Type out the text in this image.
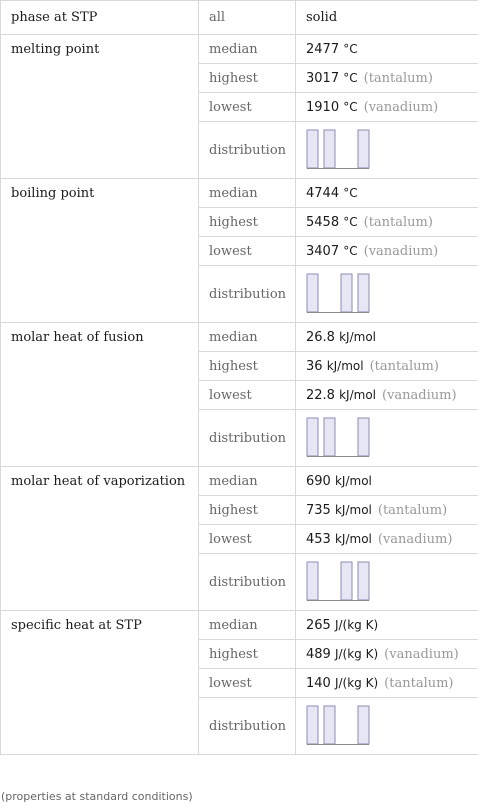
phase at STP	all	solid
melting point	median	2477 °C
	highest	3017 °C (tantalum)
	lowest	1910 °C (vanadium)
	distribution	

boiling point	median	4744 °C
	highest	5458 °C (tantalum)
	lowest	3407 °C (vanadium)
	distribution	

molar heat of fusion	median	26.8 kJ/mol
	highest	36 kJ/mol (tantalum)
	lowest	22.8 kJ/mol (vanadium)
	distribution	

molar heat of vaporization	median	690 kJ/mol
	highest	735 kJ/mol (tantalum)
	lowest	453 kJ/mol (vanadium)
	distribution	

specific heat at STP	median	265 J/(kg K)
	highest	489 J/(kg K) (vanadium)
	lowest	140 J/(kg K) (tantalum)
	distribution	
(properties at standard conditions)
